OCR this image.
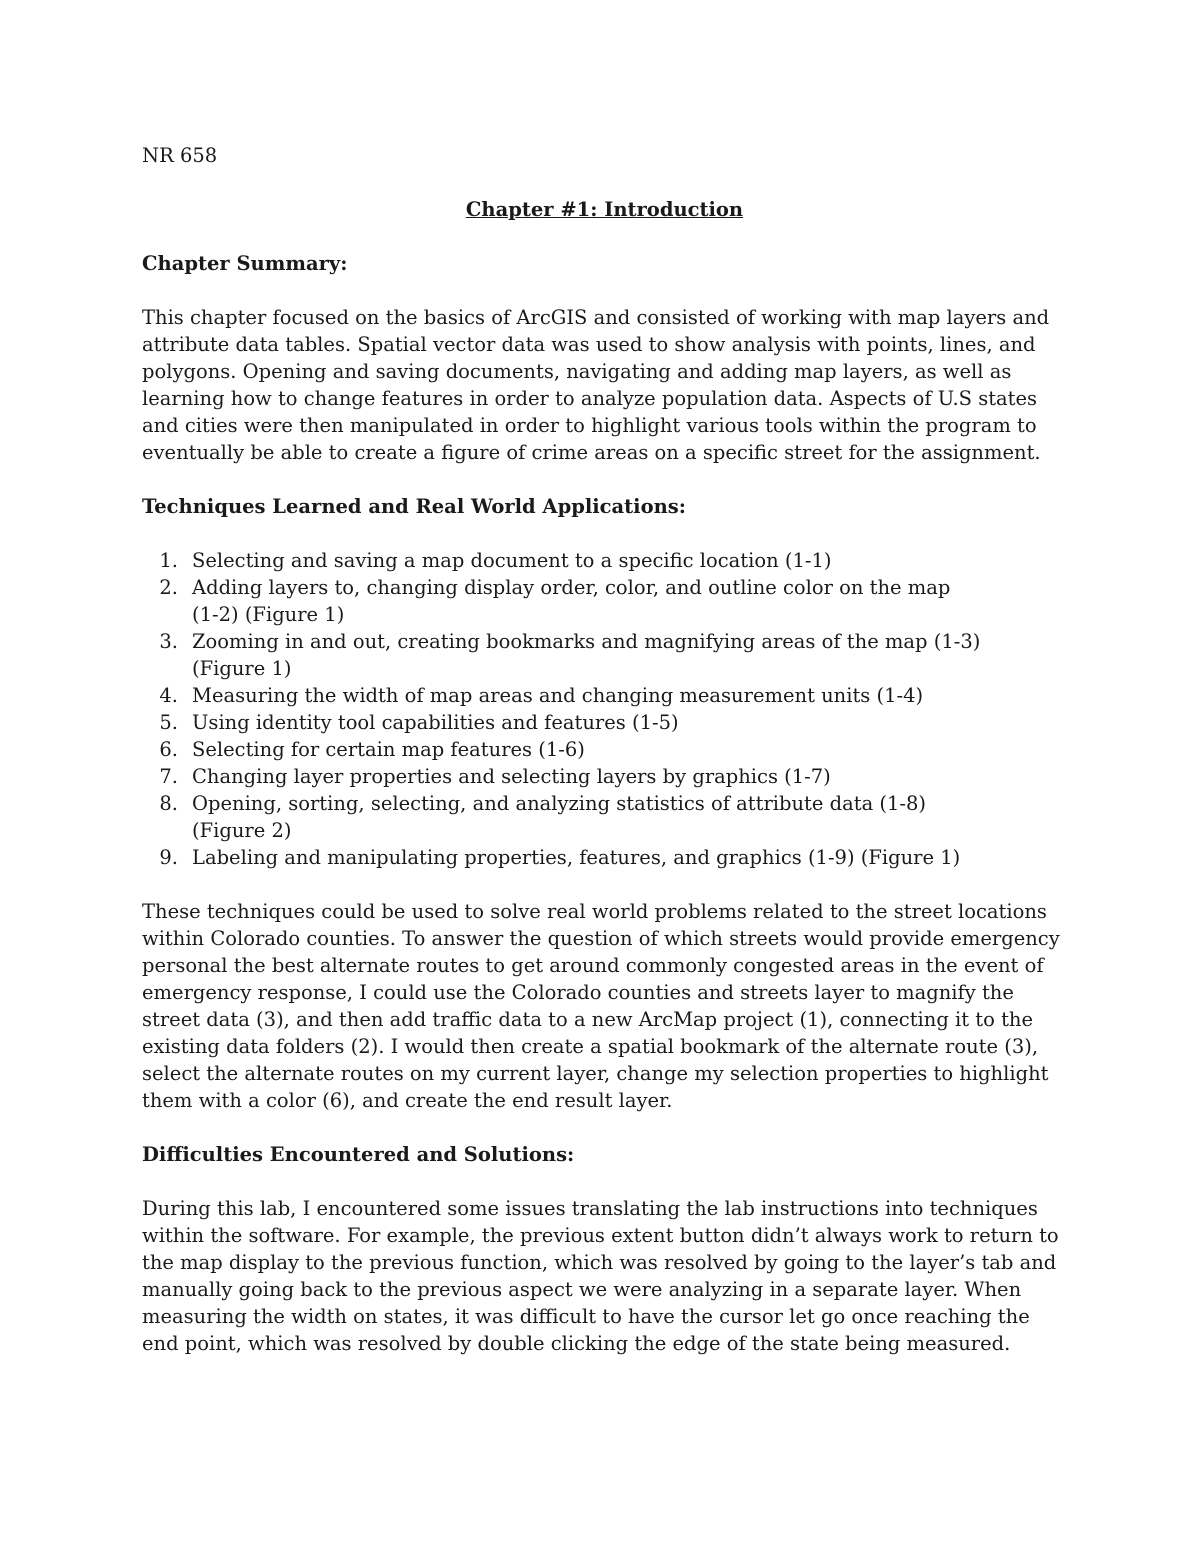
NR 658

Chapter #1: Introduction
Chapter Summary:

This chapter focused on the basics of ArcGIS and consisted of working with map layers and attribute data tables. Spatial vector data was used to show analysis with points, lines, and polygons. Opening and saving documents, navigating and adding map layers, as well as learning how to change features in order to analyze population data. Aspects of U.S states and cities were then manipulated in order to highlight various tools within the program to eventually be able to create a figure of crime areas on a specific street for the assignment.

Techniques Learned and Real World Applications:
1. Selecting and saving a map document to a specific location (1-1)
2. Adding layers to, changing display order, color, and outline color on the map (1-2) (Figure 1)
3. Zooming in and out, creating bookmarks and magnifying areas of the map (1-3) (Figure 1)
4. Measuring the width of map areas and changing measurement units (1-4)
5. Using identity tool capabilities and features (1-5)
6. Selecting for certain map features (1-6)
7. Changing layer properties and selecting layers by graphics (1-7)
8. Opening, sorting, selecting, and analyzing statistics of attribute data (1-8) (Figure 2)
9. Labeling and manipulating properties, features, and graphics (1-9) (Figure 1)

These techniques could be used to solve real world problems related to the street locations within Colorado counties. To answer the question of which streets would provide emergency personal the best alternate routes to get around commonly congested areas in the event of emergency response, I could use the Colorado counties and streets layer to magnify the street data (3), and then add traffic data to a new ArcMap project (1), connecting it to the existing data folders (2). I would then create a spatial bookmark of the alternate route (3), select the alternate routes on my current layer, change my selection properties to highlight them with a color (6), and create the end result layer.

Difficulties Encountered and Solutions:

During this lab, I encountered some issues translating the lab instructions into techniques within the software. For example, the previous extent button didn’t always work to return to the map display to the previous function, which was resolved by going to the layer’s tab and manually going back to the previous aspect we were analyzing in a separate layer. When measuring the width on states, it was difficult to have the cursor let go once reaching the end point, which was resolved by double clicking the edge of the state being measured.
